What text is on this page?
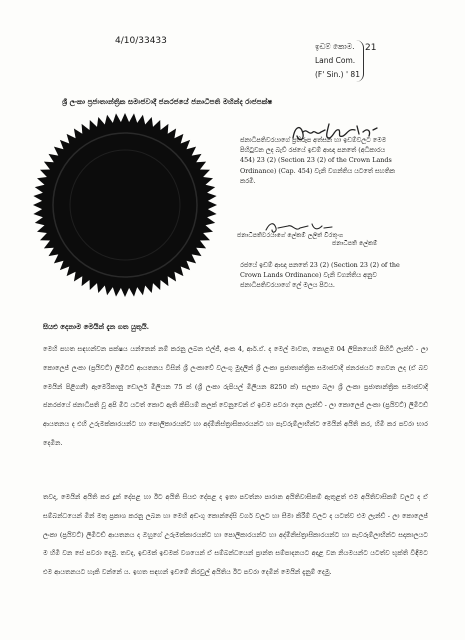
4/10/33433
ඉඩම් කොම.
Land Com.
(F' Sin.) ' 81
21
ශ්‍රී ලංකා ප්‍රජාතාන්ත්‍රික සමාජවාදී ජනරජයේ ජනාධිපති මහින්ද රාජපක්ෂ
ජනාධිපතිවරයාගේ ප්‍රතිරූප අත්සන හා ඉඩම්වලට මෙම පිහිටුවන ලද බැව් රජයේ ඉඩම් ආඥා පනතේ (අධිකාරය 454) 23 (2) (Section 23 (2) of the Crown Lands Ordinance) (Cap. 454) වැනි වගන්තිය යටතේ සහතික කරමි.
ජනාධිපතිවරයාගේ ලේකම් ලලිත් වීරතුංග
ජනාධිපති ලේකම්
රජයේ ඉඩම් ආඥා පනතේ 23 (2) (Section 23 (2) of the Crown Lands Ordinance) වැනි වගන්තිය අනුව ජනාධිපතිවරයාගේ ලේ මලය පිටය.
සියළු දෙනාම මෙයින් දැන ගත යුතුයි.
මෙහි පහත සඳහන්වන පක්ෂය යන්නෙන් නම් කරනු ලබන එල්ජී, අංක 4, ආර්.ඒ. ද මෙල් මාවත, කොළඹ 04 ලිපිනයෙහි පිහිටි ලැන්ඩ් - ලා කොලෙජ් ලංකා (ප්‍රයිවට්) ලිමිටඩ් ආයතනය විසින් ශ්‍රී ලංකාවේ වලංගු මුදලින් ශ්‍රී ලංකා ප්‍රජාතාන්ත්‍රික සමාජවාදී ජනරජයට ගෙවන ලද (ඒ බව මෙයින් පිළිගනී) ඇමෙරිකානු ඩොලර් මිලියන 75 ක් (ශ්‍රී ලංකා රුපියල් මිලියන 8250 ක්) සලකා බලා ශ්‍රී ලංකා ප්‍රජාතාන්ත්‍රික සමාජවාදී ජනරජයේ ජනාධිපති වූ අපි මීට යටත් කොට ඇති කිසියම් කලක් වෙනුවෙන් ඒ ඉඩම පවරා දෙන ලැන්ඩ් - ලා කොලෙජ් ලංකා (ප්‍රයිවට්) ලිමිටඩ් ආයතනය ද එහි උරුමක්කාරයන්ට හා පොලිකාරයන්ට හා අද්මිනිස්ත්‍රාසිකාරයන්ට හා පැවරුම්ලාභීන්ට මෙයින් අයිති කර, හිමි කර පවරා භාර දෙමින.
තවද, මෙයින් අයිති කර දුන් දේපළ හා ඊට අයිති සියළු දේපළ ද ඉතා පවත්නා පාරාන අයිතිවාසිකම් ඇතුළත් එම අයිතිවාසිකම් වලට ද ඒ සම්බන්ධයෙන් මින් මතු ප්‍රකාශ කරනු ලබන හා මෙහි අඩංගු කොන්දේසි වර්ග වලට හා සීමා කිරීම් වලට ද යටත්ව එම ලැන්ඩ් - ලා කොලෙජ් ලංකා (ප්‍රයිවට්) ලිමිටඩ් ආයතනය ද ඔහුගේ උරුමක්කාරයන්ට හා පොලිකාරයන්ට හා අද්මිනිස්ත්‍රාසිකාරයන්ට හා පැවරුම්ලාභීන්ට සදාකාලයට ම හිමි වන සේ පවරා දෙමු. තවද, ඉඩමක් ඉඩමක් වශයෙන් ඒ සම්බන්ධයෙන් ප්‍රාන්ත සම්පාදනයට අදාළ වන නියමයන්ට යටත්ව භුක්ති විඳීමට එම ආයතනයට හැකි වන්නේ ය. ඉහත සඳහන් ඉඩමේ නිරවුල් අයිතිය ඊට පවරා දෙමින් මෙයින් දැනුම් දෙමු.
